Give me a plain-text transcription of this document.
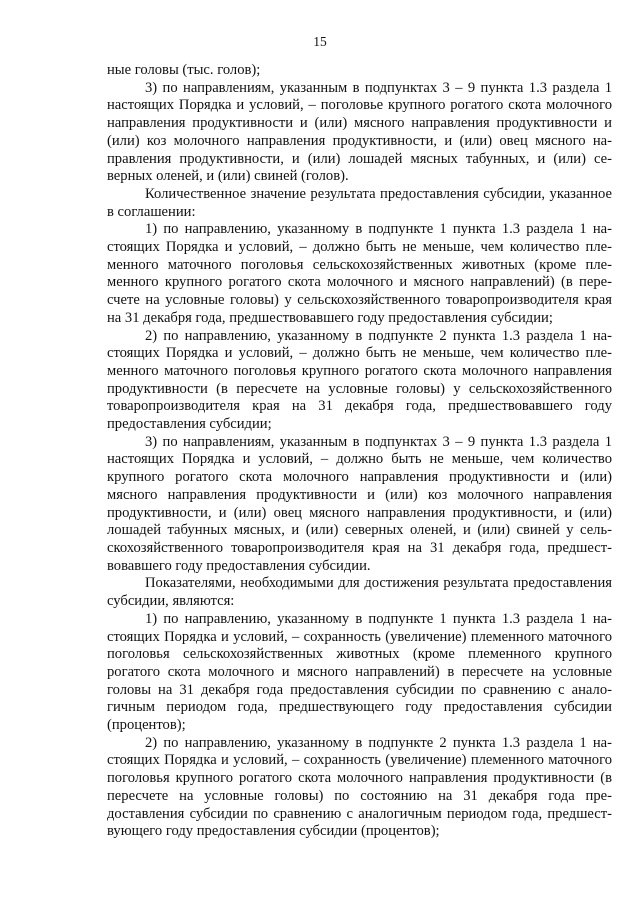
15

ные головы (тыс. голов);

3) по направлениям, указанным в подпунктах 3 – 9 пункта 1.3 раздела 1 настоящих Порядка и условий, – поголовье крупного рогатого скота молочного направления продуктивности и (или) мясного направления продуктивности и (или) коз молочного направления продуктивности, и (или) овец мясного направления продуктивности, и (или) лошадей мясных табунных, и (или) северных оленей, и (или) свиней (голов).

Количественное значение результата предоставления субсидии, указанное в соглашении:

1) по направлению, указанному в подпункте 1 пункта 1.3 раздела 1 настоящих Порядка и условий, – должно быть не меньше, чем количество племенного маточного поголовья сельскохозяйственных животных (кроме племенного крупного рогатого скота молочного и мясного направлений) (в пересчете на условные головы) у сельскохозяйственного товаропроизводителя края на 31 декабря года, предшествовавшего году предоставления субсидии;

2) по направлению, указанному в подпункте 2 пункта 1.3 раздела 1 настоящих Порядка и условий, – должно быть не меньше, чем количество племенного маточного поголовья крупного рогатого скота молочного направления продуктивности (в пересчете на условные головы) у сельскохозяйственного товаропроизводителя края на 31 декабря года, предшествовавшего году предоставления субсидии;

3) по направлениям, указанным в подпунктах 3 – 9 пункта 1.3 раздела 1 настоящих Порядка и условий, – должно быть не меньше, чем количество крупного рогатого скота молочного направления продуктивности и (или) мясного направления продуктивности и (или) коз молочного направления продуктивности, и (или) овец мясного направления продуктивности, и (или) лошадей табунных мясных, и (или) северных оленей, и (или) свиней у сельскохозяйственного товаропроизводителя края на 31 декабря года, предшествовавшего году предоставления субсидии.

Показателями, необходимыми для достижения результата предоставления субсидии, являются:

1) по направлению, указанному в подпункте 1 пункта 1.3 раздела 1 настоящих Порядка и условий, – сохранность (увеличение) племенного маточного поголовья сельскохозяйственных животных (кроме племенного крупного рогатого скота молочного и мясного направлений) в пересчете на условные головы на 31 декабря года предоставления субсидии по сравнению с аналогичным периодом года, предшествующего году предоставления субсидии (процентов);

2) по направлению, указанному в подпункте 2 пункта 1.3 раздела 1 настоящих Порядка и условий, – сохранность (увеличение) племенного маточного поголовья крупного рогатого скота молочного направления продуктивности (в пересчете на условные головы) по состоянию на 31 декабря года предоставления субсидии по сравнению с аналогичным периодом года, предшествующего году предоставления субсидии (процентов);
